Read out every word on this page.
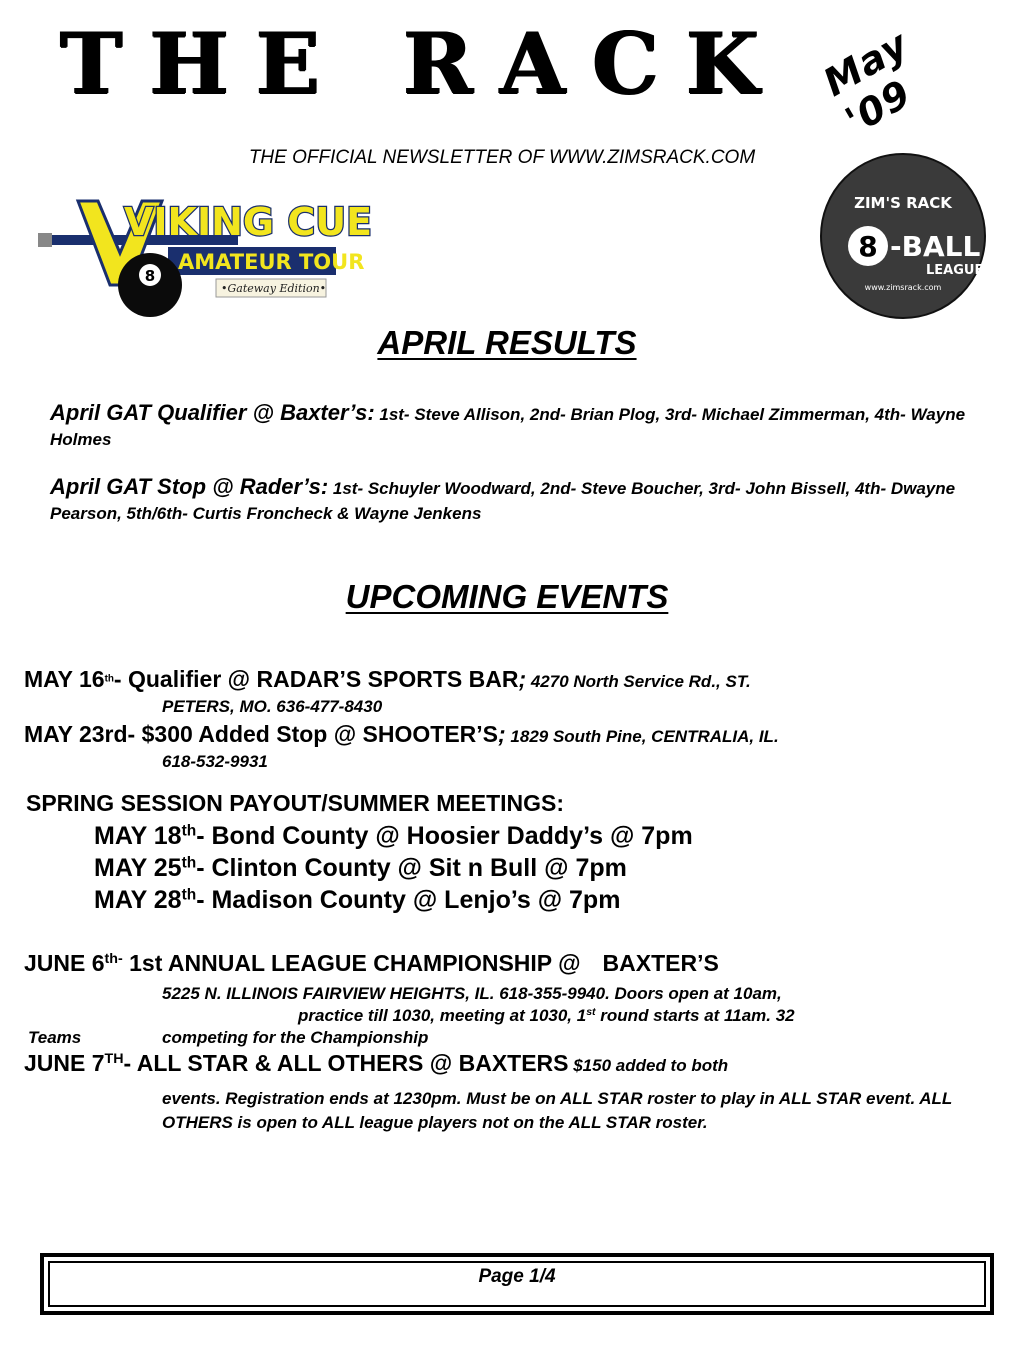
THE RACK May '09
THE OFFICIAL NEWSLETTER OF WWW.ZIMSRACK.COM
VIKING CUE
AMATEUR TOUR
•Gateway Edition•
8
ZIM'S RACK
8 -BALL
LEAGUE
www.zimsrack.com
APRIL RESULTS
April GAT Qualifier @ Baxter’s: 1st- Steve Allison, 2nd- Brian Plog, 3rd- Michael Zimmerman, 4th- Wayne Holmes
April GAT Stop @ Rader’s: 1st- Schuyler Woodward, 2nd- Steve Boucher, 3rd- John Bissell, 4th- Dwayne Pearson, 5th/6th- Curtis Froncheck & Wayne Jenkens
UPCOMING EVENTS
MAY 16th- Qualifier @ RADAR’S SPORTS BAR; 4270 North Service Rd., ST.
PETERS, MO. 636-477-8430
MAY 23rd- $300 Added Stop @ SHOOTER’S; 1829 South Pine, CENTRALIA, IL.
618-532-9931
SPRING SESSION PAYOUT/SUMMER MEETINGS:
MAY 18th- Bond County @ Hoosier Daddy’s @ 7pm
MAY 25th- Clinton County @ Sit n Bull @ 7pm
MAY 28th- Madison County @ Lenjo’s @ 7pm
JUNE $6^{th-}$ 1st ANNUAL LEAGUE CHAMPIONSHIP @ BAXTER’S
5225 N. ILLINOIS FAIRVIEW HEIGHTS, IL. 618-355-9940. Doors open at 10am,
practice till 1030, meeting at 1030, 1st round starts at 11am. 32
Teams	competing for the Championship
JUNE 7TH- ALL STAR & ALL OTHERS @ BAXTERS $150 added to both
events. Registration ends at 1230pm. Must be on ALL STAR roster to play in ALL STAR event. ALL OTHERS is open to ALL league players not on the ALL STAR roster.
Page 1/4
